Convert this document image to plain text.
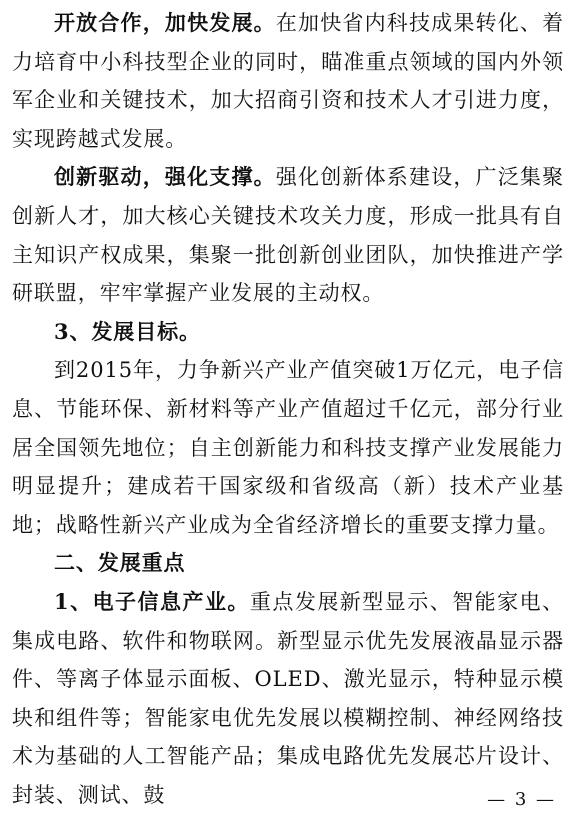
开放合作，加快发展。在加快省内科技成果转化、着力培育中小科技型企业的同时，瞄准重点领域的国内外领军企业和关键技术，加大招商引资和技术人才引进力度，实现跨越式发展。

创新驱动，强化支撑。强化创新体系建设，广泛集聚创新人才，加大核心关键技术攻关力度，形成一批具有自主知识产权成果，集聚一批创新创业团队，加快推进产学研联盟，牢牢掌握产业发展的主动权。

3、发展目标。

到2015年，力争新兴产业产值突破1万亿元，电子信息、节能环保、新材料等产业产值超过千亿元，部分行业居全国领先地位；自主创新能力和科技支撑产业发展能力明显提升；建成若干国家级和省级高（新）技术产业基地；战略性新兴产业成为全省经济增长的重要支撑力量。

二、发展重点

1、电子信息产业。重点发展新型显示、智能家电、集成电路、软件和物联网。新型显示优先发展液晶显示器件、等离子体显示面板、OLED、激光显示，特种显示模块和组件等；智能家电优先发展以模糊控制、神经网络技术为基础的人工智能产品；集成电路优先发展芯片设计、封装、测试、鼓	— 3 —
